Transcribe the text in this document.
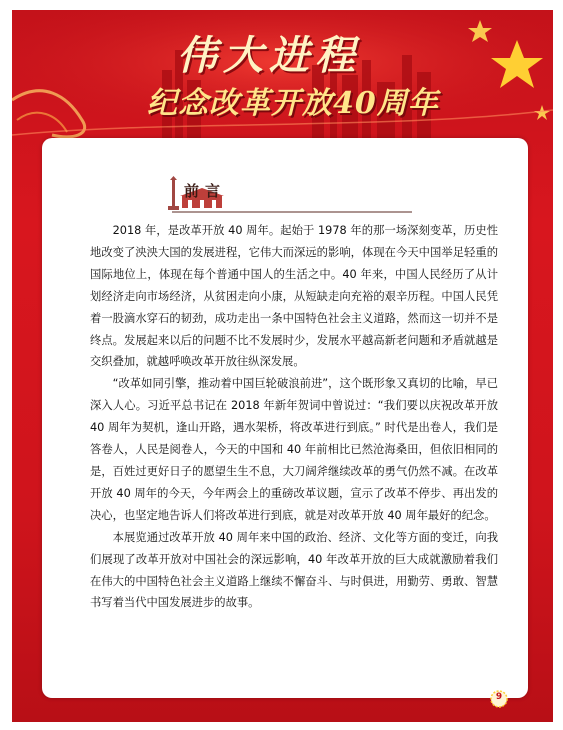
伟大进程
纪念改革开放40周年
前言

2018 年，是改革开放 40 周年。起始于 1978 年的那一场深刻变革，历史性地改变了泱泱大国的发展进程，它伟大而深远的影响，体现在今天中国举足轻重的国际地位上，体现在每个普通中国人的生活之中。40 年来，中国人民经历了从计划经济走向市场经济，从贫困走向小康，从短缺走向充裕的艰辛历程。中国人民凭着一股滴水穿石的韧劲，成功走出一条中国特色社会主义道路，然而这一切并不是终点。发展起来以后的问题不比不发展时少，发展水平越高新老问题和矛盾就越是交织叠加，就越呼唤改革开放往纵深发展。

“改革如同引擎，推动着中国巨轮破浪前进”，这个既形象又真切的比喻，早已深入人心。习近平总书记在 2018 年新年贺词中曾说过：“我们要以庆祝改革开放 40 周年为契机，逢山开路，遇水架桥，将改革进行到底。” 时代是出卷人，我们是答卷人，人民是阅卷人，今天的中国和 40 年前相比已然沧海桑田，但依旧相同的是，百姓过更好日子的愿望生生不息，大刀阔斧继续改革的勇气仍然不减。在改革开放 40 周年的今天，今年两会上的重磅改革议题，宣示了改革不停步、再出发的决心，也坚定地告诉人们将改革进行到底，就是对改革开放 40 周年最好的纪念。

本展览通过改革开放 40 周年来中国的政治、经济、文化等方面的变迁，向我们展现了改革开放对中国社会的深远影响，40 年改革开放的巨大成就激励着我们在伟大的中国特色社会主义道路上继续不懈奋斗、与时俱进，用勤劳、勇敢、智慧书写着当代中国发展进步的故事。

9
